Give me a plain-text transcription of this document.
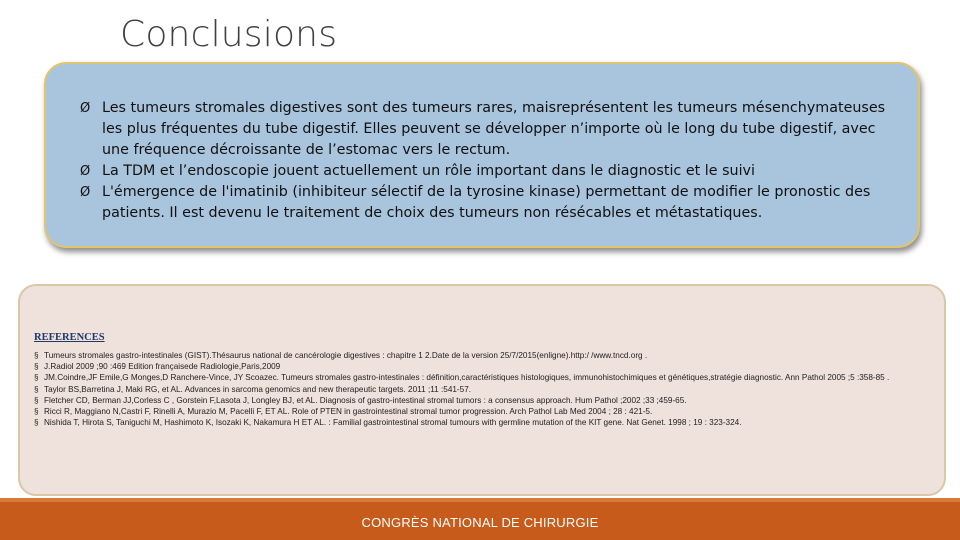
Conclusions
Ø Les tumeurs stromales digestives sont des tumeurs rares, maisreprésentent les tumeurs mésenchymateuses les plus fréquentes du tube digestif. Elles peuvent se développer n’importe où le long du tube digestif, avec une fréquence décroissante de l’estomac vers le rectum.
Ø La TDM et l’endoscopie jouent actuellement un rôle important dans le diagnostic et le suivi
Ø L'émergence de l'imatinib (inhibiteur sélectif de la tyrosine kinase) permettant de modifier le pronostic des patients. Il est devenu le traitement de choix des tumeurs non résécables et métastatiques.
REFERENCES
§ Tumeurs stromales gastro-intestinales (GIST).Thésaurus national de cancérologie digestives : chapitre 1 2.Date de la version 25/7/2015(enligne).http:/ /www.tncd.org .
§ J.Radiol 2009 ;90 :469 Edition françaisede Radiologie,Paris,2009
§ JM.Coindre,JF Emile,G Monges,D Ranchere-Vince, JY Scoazec. Tumeurs stromales gastro-intestinales : définition,caractéristiques histologiques, immunohistochimiques et génétiques,stratégie diagnostic. Ann Pathol 2005 ;5 :358-85 .
§ Taylor BS,Barretina J, Maki RG, et AL. Advances in sarcoma genomics and new therapeutic targets. 2011 ;11 :541-57.
§ Fletcher CD, Berman JJ,Corless C , Gorstein F,Lasota J, Longley BJ, et AL. Diagnosis of gastro-intestinal stromal tumors : a consensus approach. Hum Pathol ;2002 ;33 ;459-65.
§ Ricci R, Maggiano N,Castri F, Rinelli A, Murazio M, Pacelli F, ET AL. Role of PTEN in gastrointestinal stromal tumor progression. Arch Pathol Lab Med 2004 ; 28 : 421-5.
§ Nishida T, Hirota S, Taniguchi M, Hashimoto K, Isozaki K, Nakamura H ET AL. : Familial gastrointestinal stromal tumours with germline mutation of the KIT gene. Nat Genet. 1998 ; 19 : 323-324.
CONGRÈS NATIONAL DE CHIRURGIE
